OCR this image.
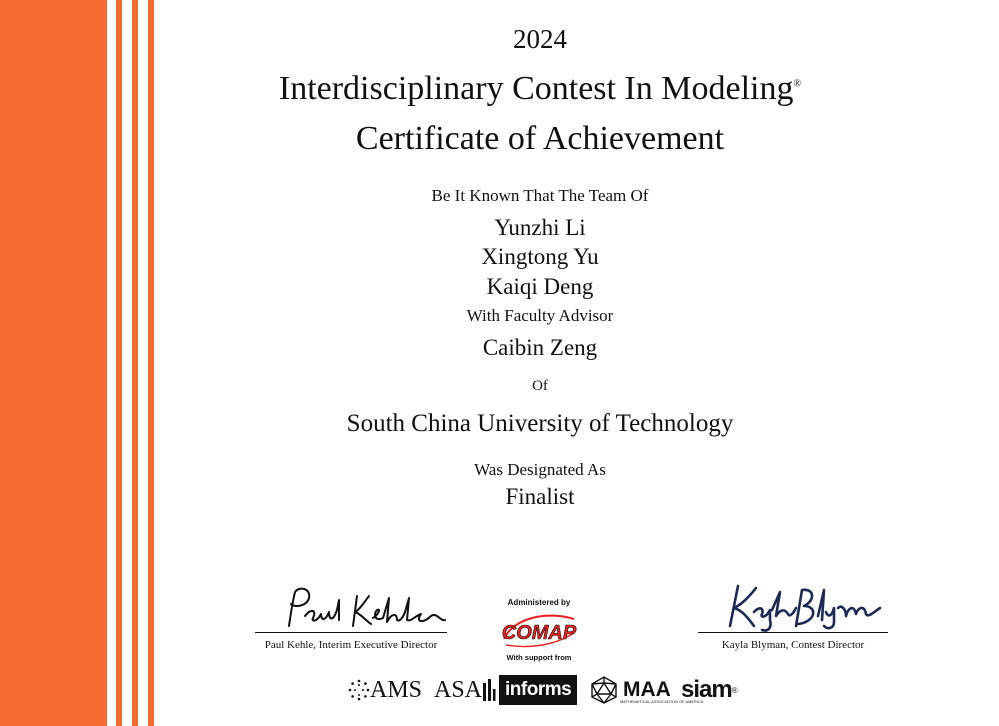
2024
Interdisciplinary Contest In Modeling®
Certificate of Achievement
Be It Known That The Team Of
Yunzhi Li
Xingtong Yu
Kaiqi Deng
With Faculty Advisor
Caibin Zeng
Of
South China University of Technology
Was Designated As
Finalist
Paul Kehle, Interim Executive Director	Kayla Blyman, Contest Director
Administered by
COMAP
With support from
AMS ASA	informs MAA
MATHEMATICAL ASSOCIATION OF AMERICA
siam ®
